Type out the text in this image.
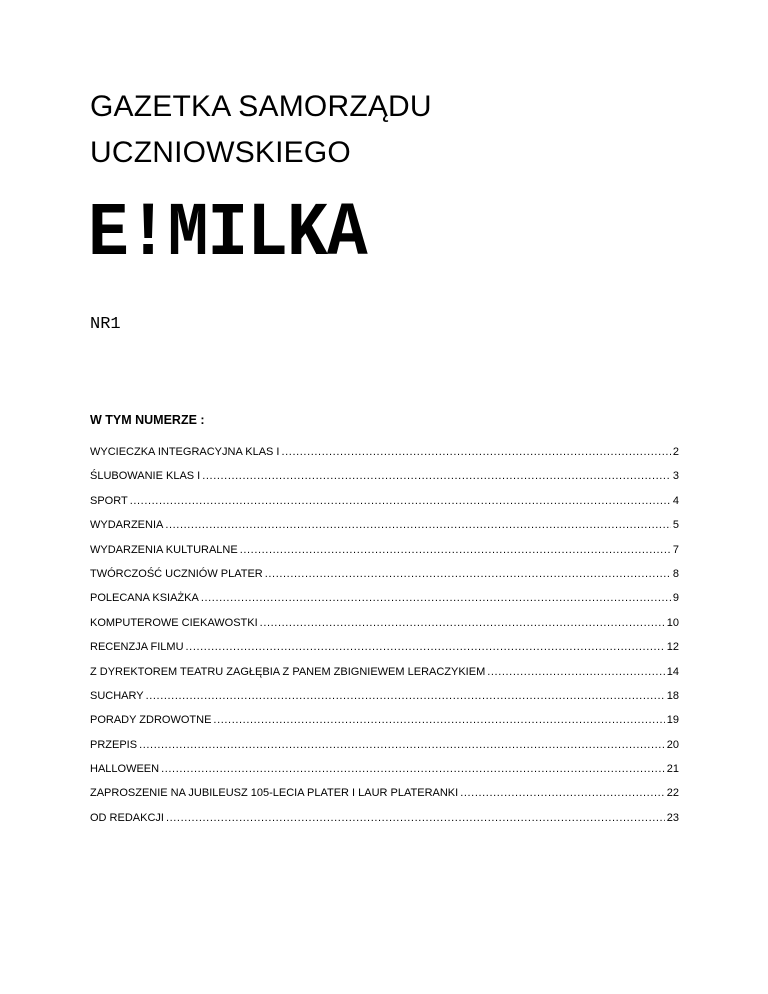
GAZETKA SAMORZĄDU
UCZNIOWSKIEGO
E!MILKA
NR1
W TYM NUMERZE :
WYCIECZKA INTEGRACYJNA KLAS I .....	2
ŚLUBOWANIE KLAS I .....	3
SPORT .....	4
WYDARZENIA .....	5
WYDARZENIA KULTURALNE .....	7
TWÓRCZOŚĆ UCZNIÓW PLATER .....	8
POLECANA KSIAŻKA .....	9
KOMPUTEROWE CIEKAWOSTKI .....	10
RECENZJA FILMU .....	12
Z DYREKTOREM TEATRU ZAGŁĘBIA Z PANEM ZBIGNIEWEM LERACZYKIEM .....	14
SUCHARY .....	18
PORADY ZDROWOTNE .....	19
PRZEPIS .....	20
HALLOWEEN .....	21
ZAPROSZENIE NA JUBILEUSZ 105-LECIA PLATER I LAUR PLATERANKI .....	22
OD REDAKCJI .....	23
